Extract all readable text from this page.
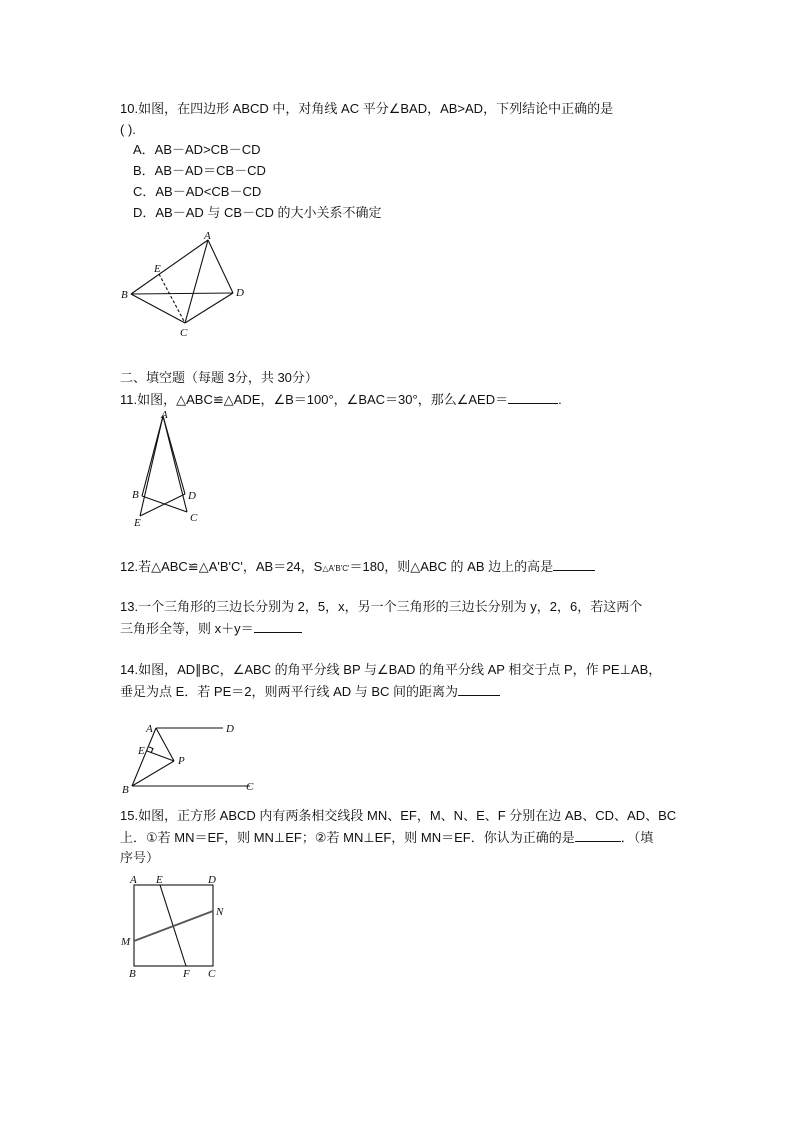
10.如图，在四边形 ABCD 中，对角线 AC 平分∠BAD，AB>AD，下列结论中正确的是
( ).
A．AB－AD>CB－CD
B．AB－AD＝CB－CD
C．AB－AD<CB－CD
D．AB－AD 与 CB－CD 的大小关系不确定
A
B	D
C
E
二、填空题（每题 3分，共 30分）
11.如图，△ABC≌△ADE，∠B＝100°，∠BAC＝30°，那么∠AED＝	.
A
B	D
E	C
12.若△ABC≌△A'B'C'，AB＝24，S△A'B'C'＝180，则△ABC 的 AB 边上的高是
13.一个三角形的三边长分别为 2，5，x，另一个三角形的三边长分别为 y，2，6，若这两个
三角形全等，则 x＋y＝
14.如图，AD∥BC，∠ABC 的角平分线 BP 与∠BAD 的角平分线 AP 相交于点 P，作 PE⊥AB，
垂足为点 E．若 PE＝2，则两平行线 AD 与 BC 间的距离为
A	D
E
P
B	C
15.如图，正方形 ABCD 内有两条相交线段 MN、EF，M、N、E、F 分别在边 AB、CD、AD、BC
上．①若 MN＝EF，则 MN⊥EF；②若 MN⊥EF，则 MN＝EF．你认为正确的是	．（填
序号）
A E	D
N
M
B	F C
